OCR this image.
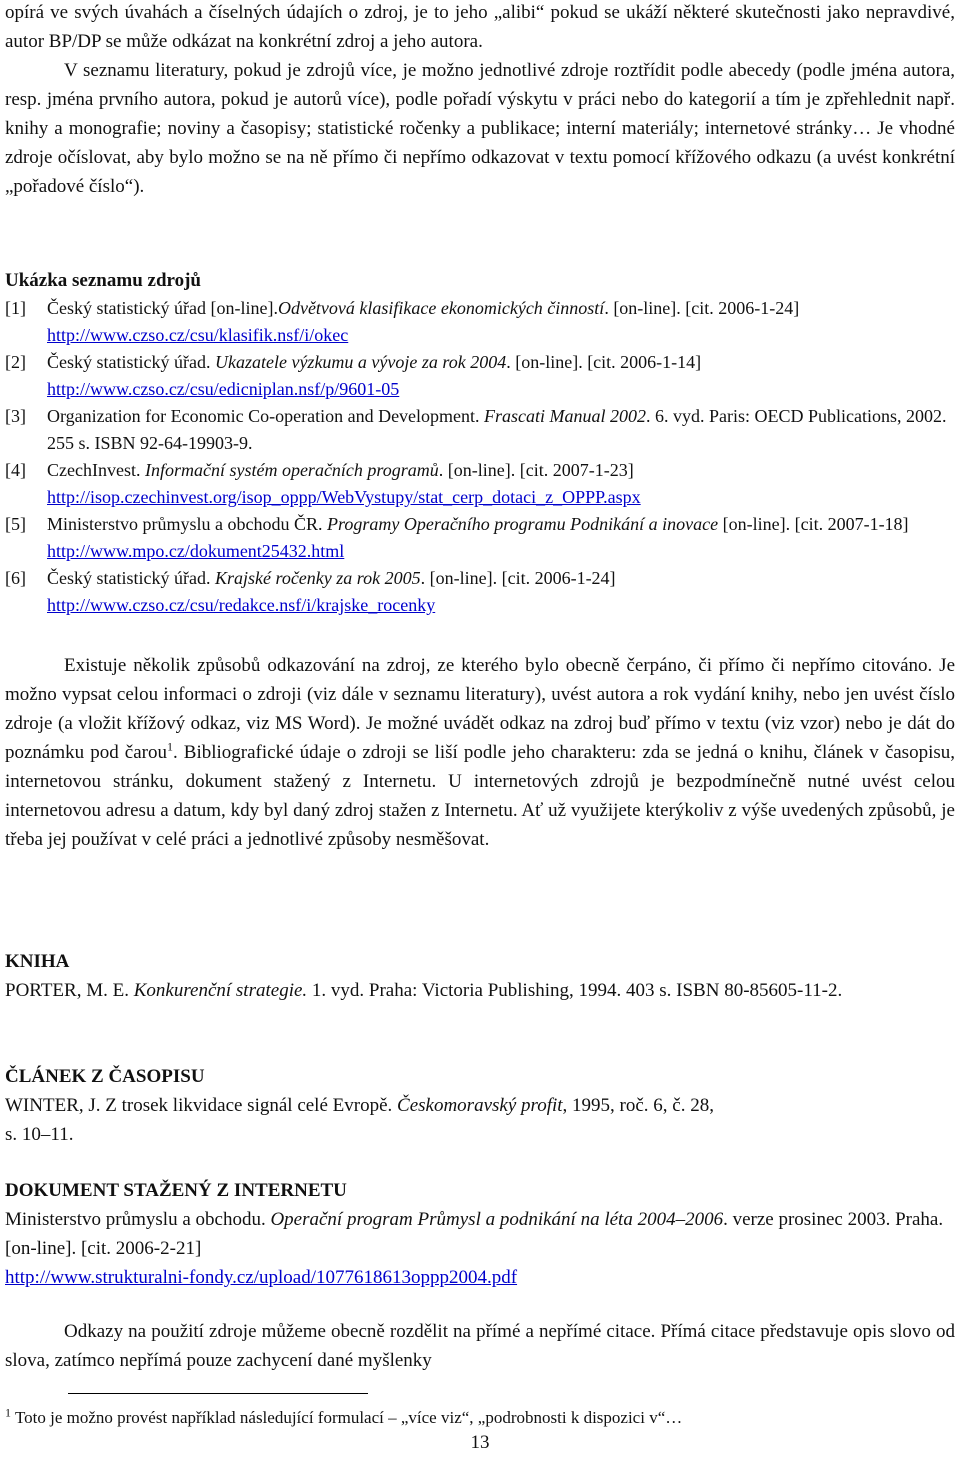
opírá ve svých úvahách a číselných údajích o zdroj, je to jeho „alibi“ pokud se ukáží některé skutečnosti jako nepravdivé, autor BP/DP se může odkázat na konkrétní zdroj a jeho autora.

V seznamu literatury, pokud je zdrojů více, je možno jednotlivé zdroje roztřídit podle abecedy (podle jména autora, resp. jména prvního autora, pokud je autorů více), podle pořadí výskytu v práci nebo do kategorií a tím je zpřehlednit např. knihy a monografie; noviny a časopisy; statistické ročenky a publikace; interní materiály; internetové stránky… Je vhodné zdroje očíslovat, aby bylo možno se na ně přímo či nepřímo odkazovat v textu pomocí křížového odkazu (a uvést konkrétní „pořadové číslo“).

Ukázka seznamu zdrojů

[1]	Český statistický úřad [on-line].Odvětvová klasifikace ekonomických činností. [on-line]. [cit. 2006-1-24] http://www.czso.cz/csu/klasifik.nsf/i/okec
[2]	Český statistický úřad. Ukazatele výzkumu a vývoje za rok 2004. [on-line]. [cit. 2006-1-14] http://www.czso.cz/csu/edicniplan.nsf/p/9601-05
[3]	Organization for Economic Co-operation and Development. Frascati Manual 2002. 6. vyd. Paris: OECD Publications, 2002. 255 s. ISBN 92-64-19903-9.
[4]	CzechInvest. Informační systém operačních programů. [on-line]. [cit. 2007-1-23] http://isop.czechinvest.org/isop_oppp/WebVystupy/stat_cerp_dotaci_z_OPPP.aspx
[5]	Ministerstvo průmyslu a obchodu ČR. Programy Operačního programu Podnikání a inovace [on-line]. [cit. 2007-1-18] http://www.mpo.cz/dokument25432.html
[6]	Český statistický úřad. Krajské ročenky za rok 2005. [on-line]. [cit. 2006-1-24] http://www.czso.cz/csu/redakce.nsf/i/krajske_rocenky

Existuje několik způsobů odkazování na zdroj, ze kterého bylo obecně čerpáno, či přímo či nepřímo citováno. Je možno vypsat celou informaci o zdroji (viz dále v seznamu literatury), uvést autora a rok vydání knihy, nebo jen uvést číslo zdroje (a vložit křížový odkaz, viz MS Word). Je možné uvádět odkaz na zdroj buď přímo v textu (viz vzor) nebo je dát do poznámku pod čarou$^1$. Bibliografické údaje o zdroji se liší podle jeho charakteru: zda se jedná o knihu, článek v časopisu, internetovou stránku, dokument stažený z Internetu. U internetových zdrojů je bezpodmínečně nutné uvést celou internetovou adresu a datum, kdy byl daný zdroj stažen z Internetu. Ať už využijete kterýkoliv z výše uvedených způsobů, je třeba jej používat v celé práci a jednotlivé způsoby nesměšovat.

KNIHA

PORTER, M. E. Konkurenční strategie. 1. vyd. Praha: Victoria Publishing, 1994. 403 s. ISBN 80-85605-11-2.

ČLÁNEK Z ČASOPISU

WINTER, J. Z trosek likvidace signál celé Evropě. Českomoravský profit, 1995, roč. 6, č. 28,

s. 10–11.

DOKUMENT STAŽENÝ Z INTERNETU

Ministerstvo průmyslu a obchodu. Operační program Průmysl a podnikání na léta 2004–2006. verze prosinec 2003. Praha. [on-line]. [cit. 2006-2-21]

http://www.strukturalni-fondy.cz/upload/1077618613oppp2004.pdf

Odkazy na použití zdroje můžeme obecně rozdělit na přímé a nepřímé citace. Přímá citace představuje opis slovo od slova, zatímco nepřímá pouze zachycení dané myšlenky

$^1$ Toto je možno provést například následující formulací – „více viz“, „podrobnosti k dispozici v“…

13
